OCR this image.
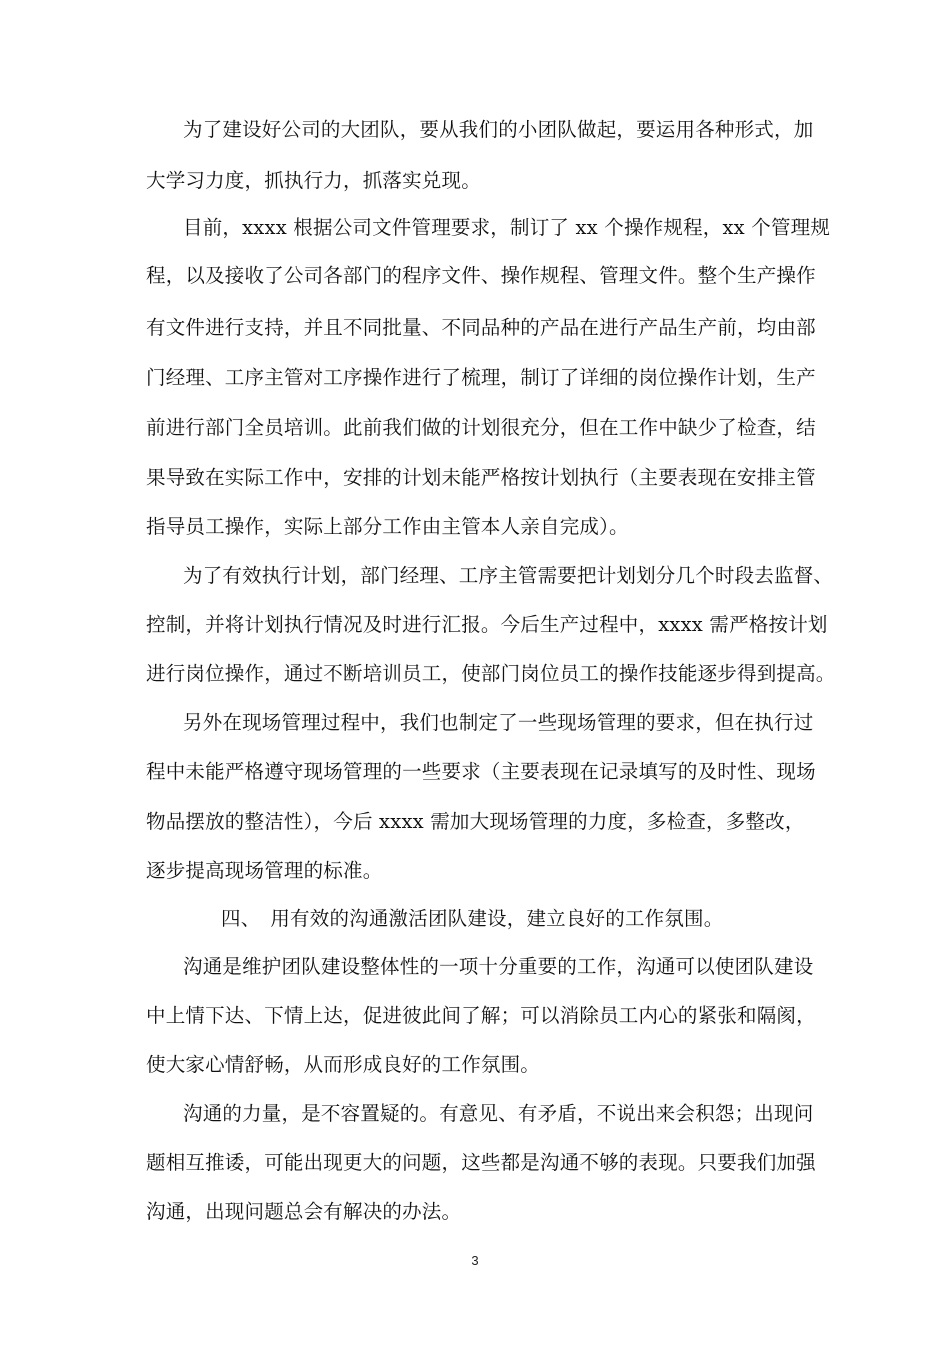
为了建设好公司的大团队，要从我们的小团队做起，要运用各种形式，加
大学习力度，抓执行力，抓落实兑现。
目前，xxxx 根据公司文件管理要求，制订了 xx 个操作规程，xx 个管理规
程，以及接收了公司各部门的程序文件、操作规程、管理文件。整个生产操作
有文件进行支持，并且不同批量、不同品种的产品在进行产品生产前，均由部
门经理、工序主管对工序操作进行了梳理，制订了详细的岗位操作计划，生产
前进行部门全员培训。此前我们做的计划很充分，但在工作中缺少了检查，结
果导致在实际工作中，安排的计划未能严格按计划执行（主要表现在安排主管
指导员工操作，实际上部分工作由主管本人亲自完成）。
为了有效执行计划，部门经理、工序主管需要把计划划分几个时段去监督、
控制，并将计划执行情况及时进行汇报。今后生产过程中，xxxx 需严格按计划
进行岗位操作，通过不断培训员工，使部门岗位员工的操作技能逐步得到提高。
另外在现场管理过程中，我们也制定了一些现场管理的要求，但在执行过
程中未能严格遵守现场管理的一些要求（主要表现在记录填写的及时性、现场
物品摆放的整洁性），今后 xxxx 需加大现场管理的力度，多检查，多整改，
逐步提高现场管理的标准。
四、　用有效的沟通激活团队建设，建立良好的工作氛围。
沟通是维护团队建设整体性的一项十分重要的工作，沟通可以使团队建设
中上情下达、下情上达，促进彼此间了解；可以消除员工内心的紧张和隔阂，
使大家心情舒畅，从而形成良好的工作氛围。
沟通的力量，是不容置疑的。有意见、有矛盾，不说出来会积怨；出现问
题相互推诿，可能出现更大的问题，这些都是沟通不够的表现。只要我们加强
沟通，出现问题总会有解决的办法。
3
